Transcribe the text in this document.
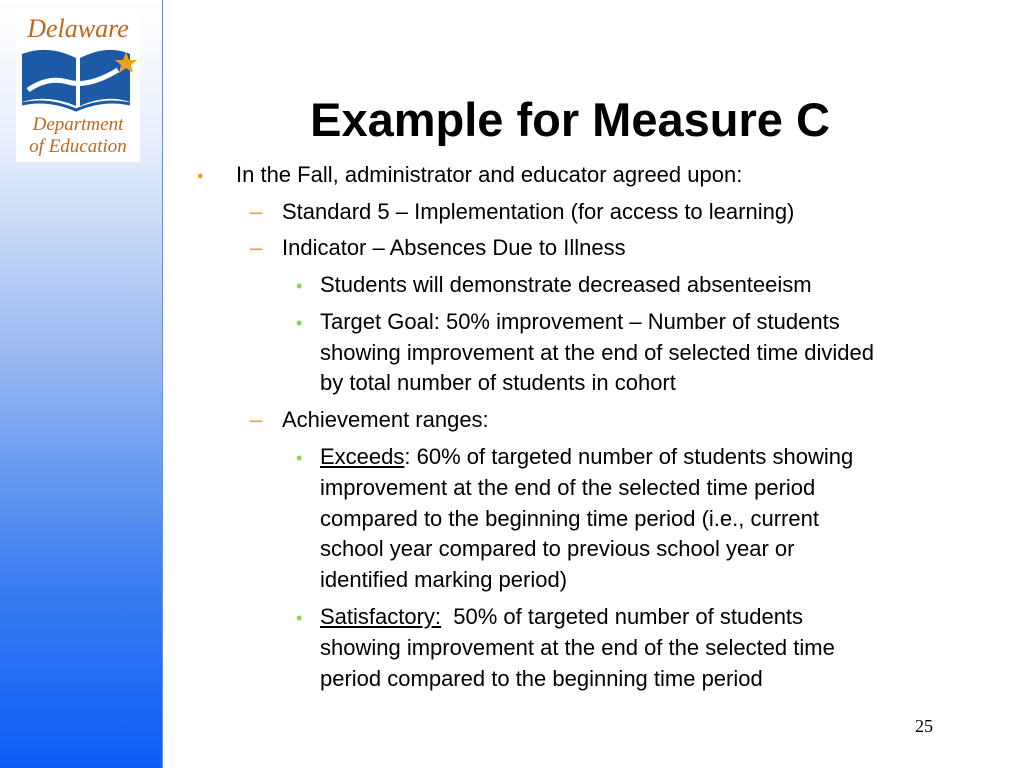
Delaware
Department
of Education
Example for Measure C
• In the Fall, administrator and educator agreed upon:
– Standard 5 – Implementation (for access to learning)
– Indicator – Absences Due to Illness
• Students will demonstrate decreased absenteeism
• Target Goal: 50% improvement – Number of students
showing improvement at the end of selected time divided
by total number of students in cohort
– Achievement ranges:
• Exceeds: 60% of targeted number of students showing
improvement at the end of the selected time period
compared to the beginning time period (i.e., current
school year compared to previous school year or
identified marking period)
• Satisfactory:  50% of targeted number of students
showing improvement at the end of the selected time
period compared to the beginning time period
25
